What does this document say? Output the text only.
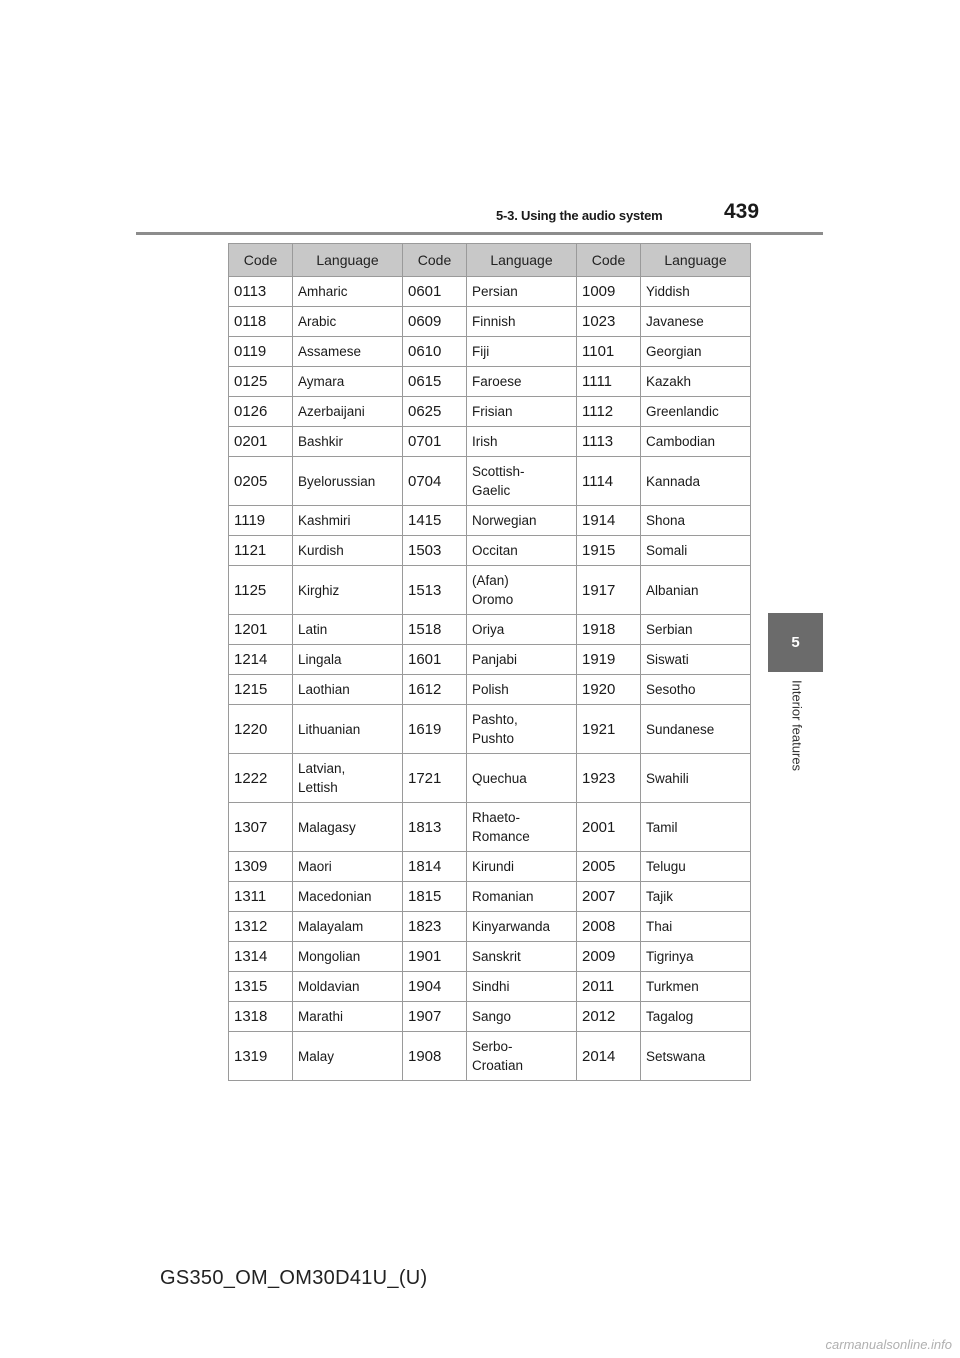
5-3. Using the audio system	439
5
Interior features
Code	Language	Code	Language	Code	Language
0113	Amharic	0601	Persian	1009	Yiddish
0118	Arabic	0609	Finnish	1023	Javanese
0119	Assamese	0610	Fiji	1101	Georgian
0125	Aymara	0615	Faroese	1111	Kazakh
0126	Azerbaijani	0625	Frisian	1112	Greenlandic
0201	Bashkir	0701	Irish	1113	Cambodian
0205	Byelorussian	0704	Scottish-
Gaelic	1114	Kannada
1119	Kashmiri	1415	Norwegian	1914	Shona
1121	Kurdish	1503	Occitan	1915	Somali
1125	Kirghiz	1513	(Afan)
Oromo	1917	Albanian
1201	Latin	1518	Oriya	1918	Serbian
1214	Lingala	1601	Panjabi	1919	Siswati
1215	Laothian	1612	Polish	1920	Sesotho
1220	Lithuanian	1619	Pashto,
Pushto	1921	Sundanese
1222	Latvian,
Lettish	1721	Quechua	1923	Swahili
1307	Malagasy	1813	Rhaeto-
Romance	2001	Tamil
1309	Maori	1814	Kirundi	2005	Telugu
1311	Macedonian	1815	Romanian	2007	Tajik
1312	Malayalam	1823	Kinyarwanda	2008	Thai
1314	Mongolian	1901	Sanskrit	2009	Tigrinya
1315	Moldavian	1904	Sindhi	2011	Turkmen
1318	Marathi	1907	Sango	2012	Tagalog
1319	Malay	1908	Serbo-
Croatian	2014	Setswana
GS350_OM_OM30D41U_(U)
carmanualsonline.info
